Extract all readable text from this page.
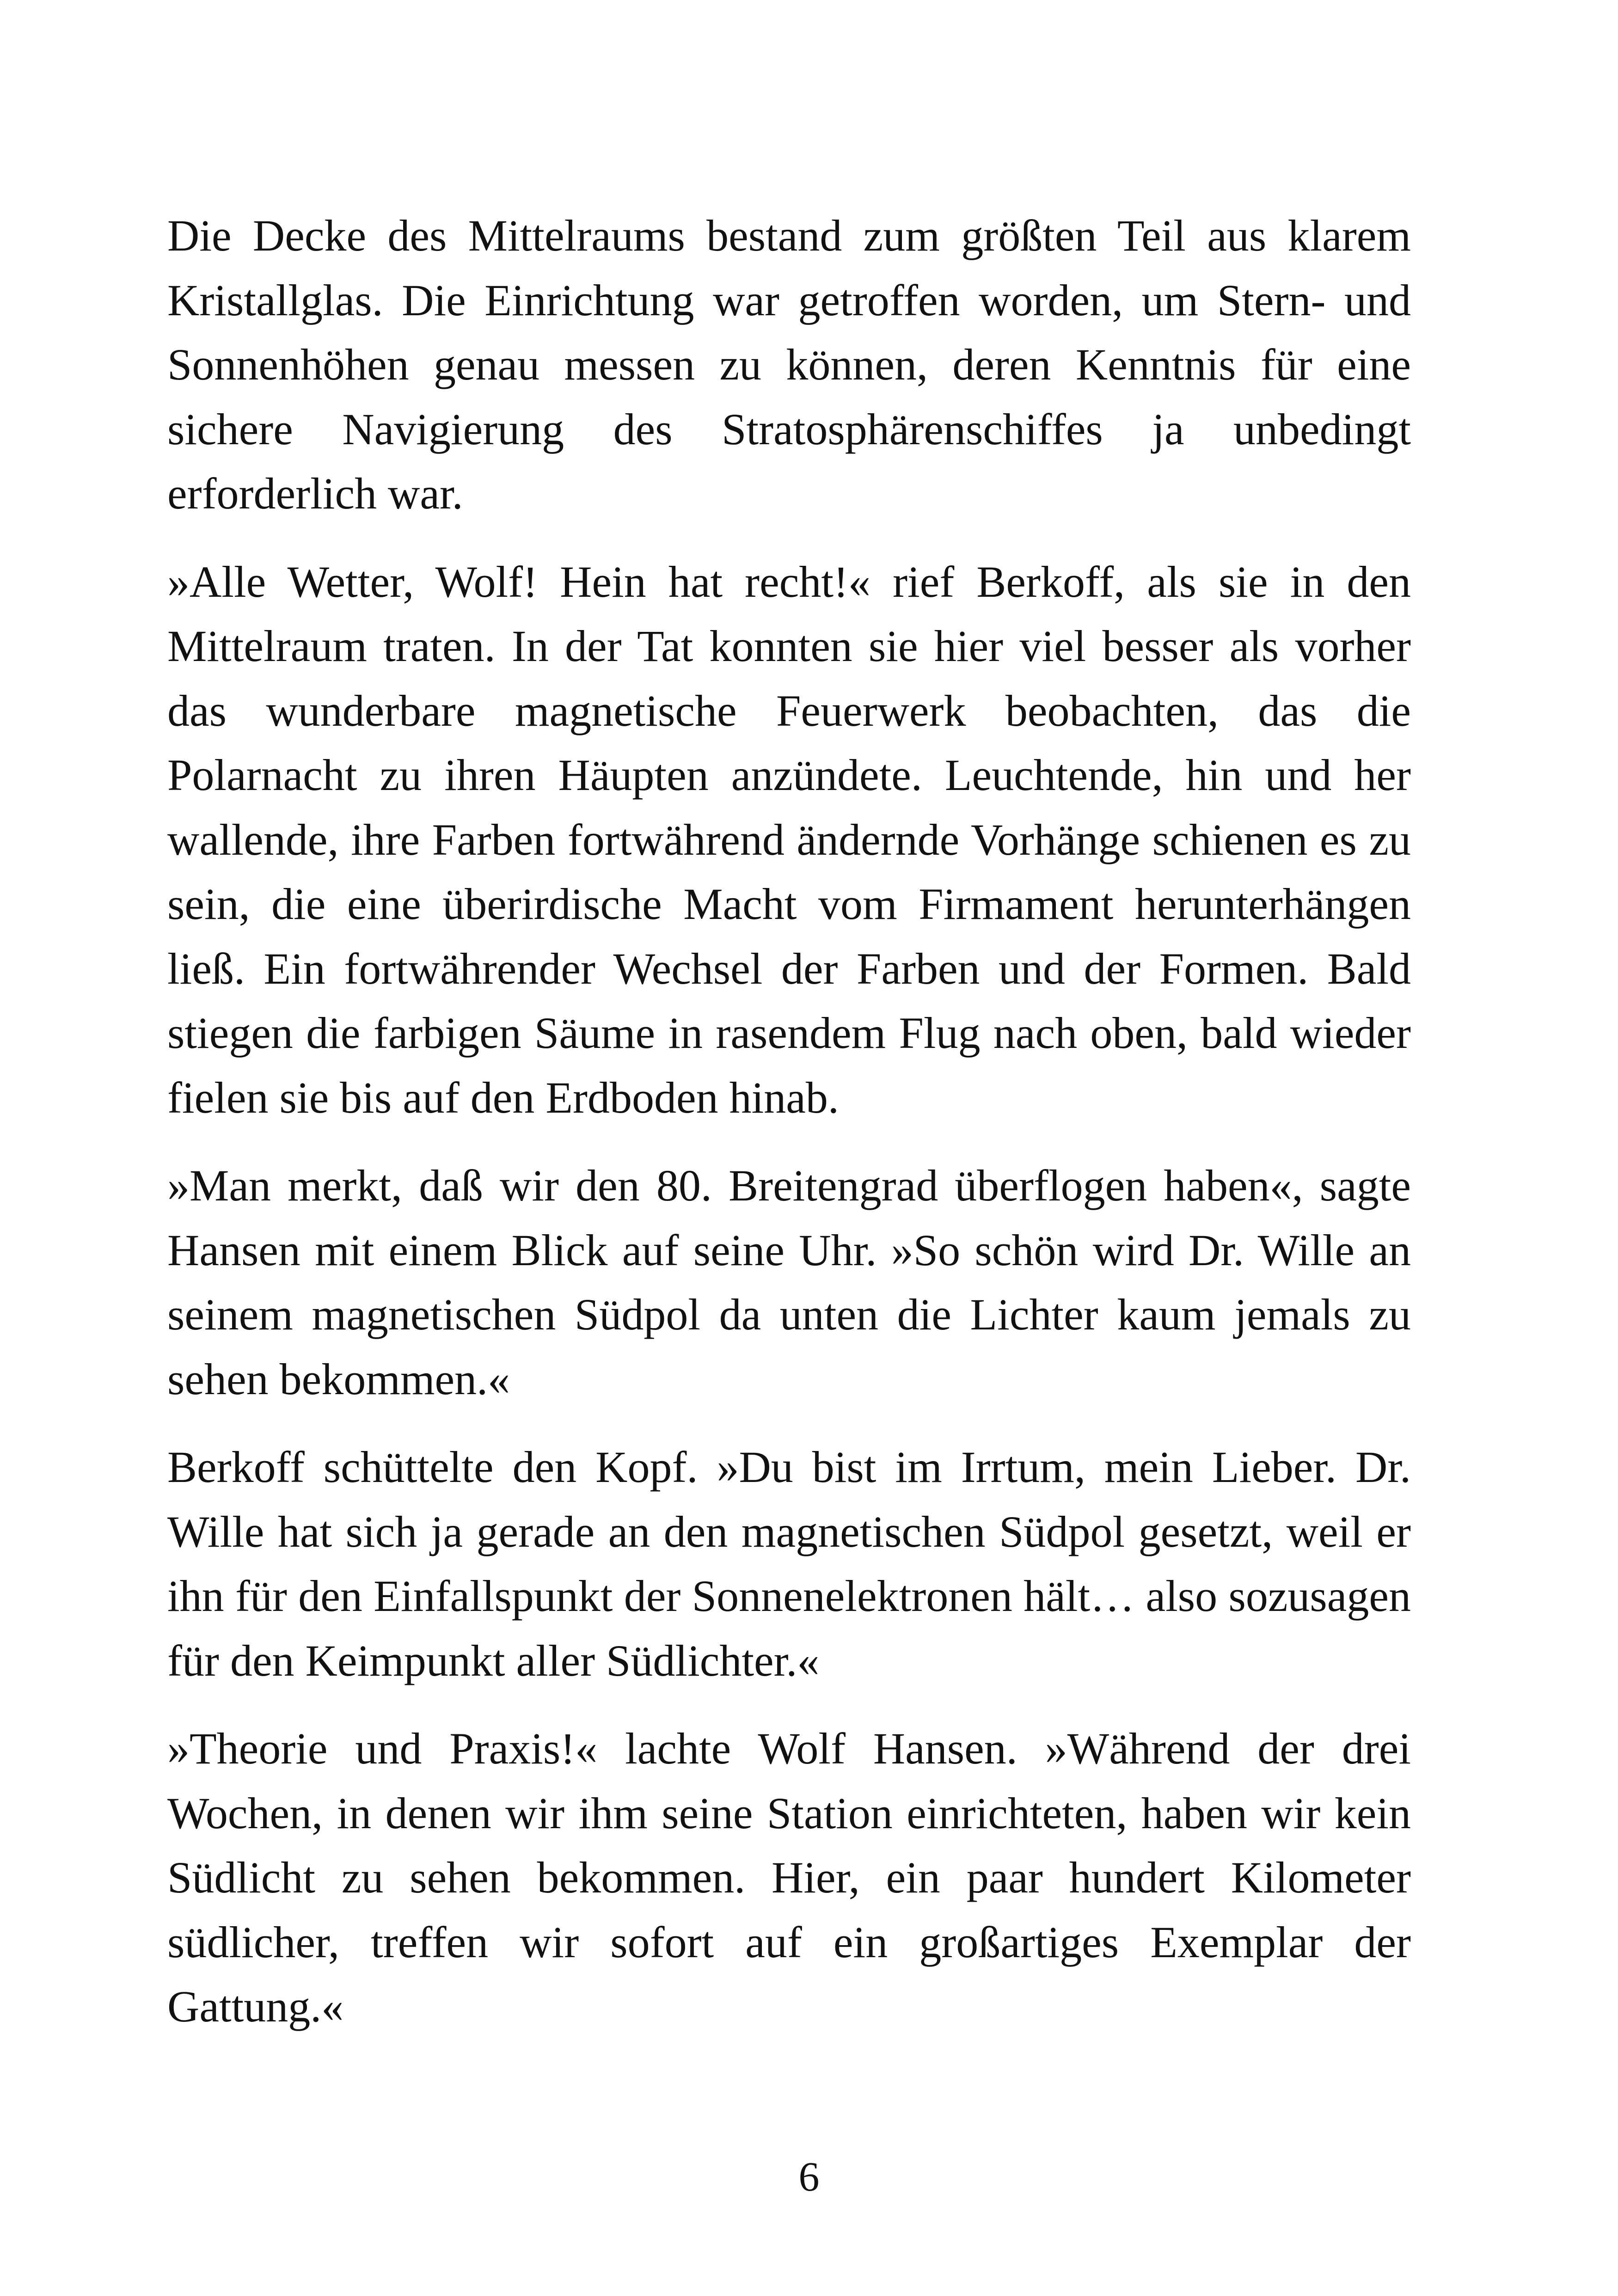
Die Decke des Mittelraums bestand zum größten Teil aus klarem Kristallglas. Die Einrichtung war getroffen worden, um Stern- und Sonnenhöhen genau messen zu können, deren Kenntnis für eine sichere Navigierung des Stratosphärenschiffes ja unbedingt erforderlich war.

»Alle Wetter, Wolf! Hein hat recht!« rief Berkoff, als sie in den Mittelraum traten. In der Tat konnten sie hier viel besser als vorher das wunderbare magnetische Feuerwerk beobachten, das die Polarnacht zu ihren Häupten anzündete. Leuchtende, hin und her wallende, ihre Farben fortwährend ändernde Vorhänge schienen es zu sein, die eine überirdische Macht vom Firmament herunterhängen ließ. Ein fortwährender Wechsel der Farben und der Formen. Bald stiegen die farbigen Säume in rasendem Flug nach oben, bald wieder fielen sie bis auf den Erdboden hinab.

»Man merkt, daß wir den 80. Breitengrad überflogen haben«, sagte Hansen mit einem Blick auf seine Uhr. »So schön wird Dr. Wille an seinem magnetischen Südpol da unten die Lichter kaum jemals zu sehen bekommen.«

Berkoff schüttelte den Kopf. »Du bist im Irrtum, mein Lieber. Dr. Wille hat sich ja gerade an den magnetischen Südpol gesetzt, weil er ihn für den Einfallspunkt der Sonnenelektronen hält… also sozusagen für den Keimpunkt aller Südlichter.«

»Theorie und Praxis!« lachte Wolf Hansen. »Während der drei Wochen, in denen wir ihm seine Station einrichteten, haben wir kein Südlicht zu sehen bekommen. Hier, ein paar hundert Kilometer südlicher, treffen wir sofort auf ein großartiges Exemplar der Gattung.«

6
